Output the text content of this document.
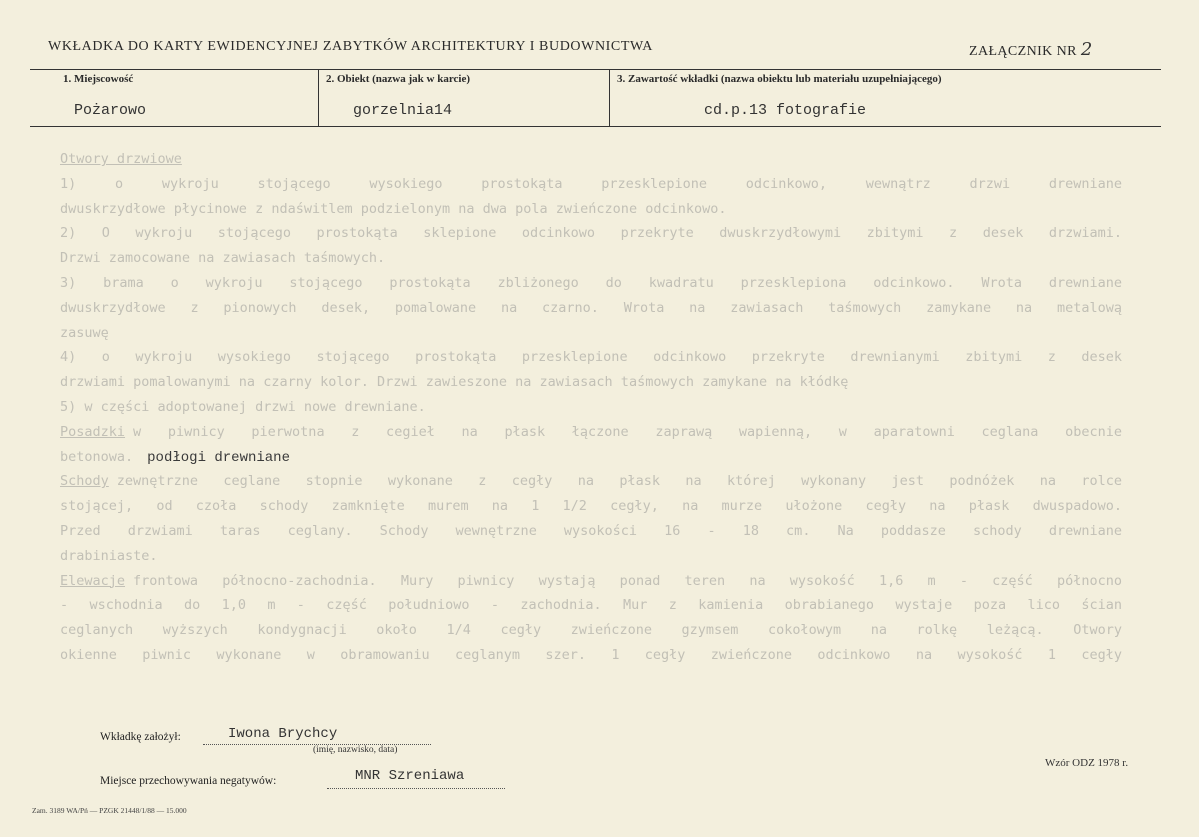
WKŁADKA DO KARTY EWIDENCYJNEJ ZABYTKÓW ARCHITEKTURY I BUDOWNICTWA	ZAŁĄCZNIK NR 2
1. Miejscowość
Pożarowo
2. Obiekt (nazwa jak w karcie)
gorzelnia14
3. Zawartość wkładki (nazwa obiektu lub materiału uzupełniającego)
cd.p.13 fotografie
Otwory drzwiowe
1) o wykroju stojącego wysokiego prostokąta przesklepione odcinkowo, wewnątrz drzwi drewniane
dwuskrzydłowe płycinowe z ndaświtlem podzielonym na dwa pola zwieńczone odcinkowo.
2) O wykroju stojącego prostokąta sklepione odcinkowo przekryte dwuskrzydłowymi zbitymi z desek drzwiami.
Drzwi zamocowane na zawiasach taśmowych.
3) brama o wykroju stojącego prostokąta zbliżonego do kwadratu przesklepiona odcinkowo. Wrota drewniane
dwuskrzydłowe z pionowych desek, pomalowane na czarno. Wrota na zawiasach taśmowych zamykane na metalową
zasuwę
4) o wykroju wysokiego stojącego prostokąta przesklepione odcinkowo przekryte drewnianymi zbitymi z desek
drzwiami pomalowanymi na czarny kolor. Drzwi zawieszone na zawiasach taśmowych zamykane na kłódkę
5) w części adoptowanej drzwi nowe drewniane.
Posadzki w piwnicy pierwotna z cegieł na płask łączone zaprawą wapienną, w aparatowni ceglana obecnie
betonowa. podłogi drewniane
Schody zewnętrzne ceglane stopnie wykonane z cegły na płask na której wykonany jest podnóżek na rolce
stojącej, od czoła schody zamknięte murem na 1 1/2 cegły, na murze ułożone cegły na płask dwuspadowo.
Przed drzwiami taras ceglany. Schody wewnętrzne wysokości 16 - 18 cm. Na poddasze schody drewniane
drabiniaste.
Elewacje frontowa północno-zachodnia. Mury piwnicy wystają ponad teren na wysokość 1,6 m - część północno
- wschodnia do 1,0 m - część południowo - zachodnia. Mur z kamienia obrabianego wystaje poza lico ścian
ceglanych wyższych kondygnacji około 1/4 cegły zwieńczone gzymsem cokołowym na rolkę leżącą. Otwory
okienne piwnic wykonane w obramowaniu ceglanym szer. 1 cegły zwieńczone odcinkowo na wysokość 1 cegły
Wkładkę założył:	Iwona Brychcy
(imię, nazwisko, data)
Miejsce przechowywania negatywów:	MNR Szreniawa
Wzór ODZ 1978 r.
Zam. 3189 WA/Pń — PZGK 21448/1/88 — 15.000
